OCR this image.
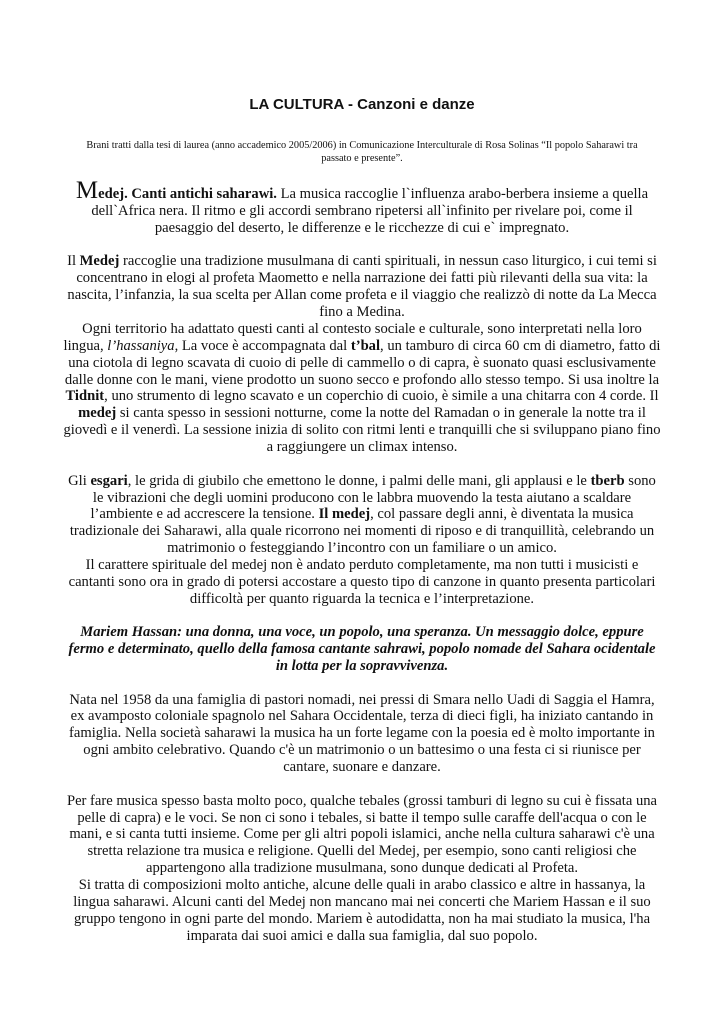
LA CULTURA - Canzoni e danze

Brani tratti dalla tesi di laurea (anno accademico 2005/2006) in Comunicazione Interculturale di Rosa Solinas “Il popolo Saharawi tra passato e presente”.

Medej. Canti antichi saharawi. La musica raccoglie l`influenza arabo-berbera insieme a quella dell`Africa nera. Il ritmo e gli accordi sembrano ripetersi all`infinito per rivelare poi, come il paesaggio del deserto, le differenze e le ricchezze di cui e` impregnato.

Il Medej raccoglie una tradizione musulmana di canti spirituali, in nessun caso liturgico, i cui temi si concentrano in elogi al profeta Maometto e nella narrazione dei fatti più rilevanti della sua vita: la nascita, l’infanzia, la sua scelta per Allan come profeta e il viaggio che realizzò di notte da La Mecca fino a Medina.

Ogni territorio ha adattato questi canti al contesto sociale e culturale, sono interpretati nella loro lingua, l’hassaniya, La voce è accompagnata dal t’bal, un tamburo di circa 60 cm di diametro, fatto di una ciotola di legno scavata di cuoio di pelle di cammello o di capra, è suonato quasi esclusivamente dalle donne con le mani, viene prodotto un suono secco e profondo allo stesso tempo. Si usa inoltre la Tidnit, uno strumento di legno scavato e un coperchio di cuoio, è simile a una chitarra con 4 corde. Il medej si canta spesso in sessioni notturne, come la notte del Ramadan o in generale la notte tra il giovedì e il venerdì. La sessione inizia di solito con ritmi lenti e tranquilli che si sviluppano piano fino a raggiungere un climax intenso.

Gli esgari, le grida di giubilo che emettono le donne, i palmi delle mani, gli applausi e le tberb sono le vibrazioni che degli uomini producono con le labbra muovendo la testa aiutano a scaldare l’ambiente e ad accrescere la tensione. Il medej, col passare degli anni, è diventata la musica tradizionale dei Saharawi, alla quale ricorrono nei momenti di riposo e di tranquillità, celebrando un matrimonio o festeggiando l’incontro con un familiare o un amico.

Il carattere spirituale del medej non è andato perduto completamente, ma non tutti i musicisti e cantanti sono ora in grado di potersi accostare a questo tipo di canzone in quanto presenta particolari difficoltà per quanto riguarda la tecnica e l’interpretazione.

Mariem Hassan: una donna, una voce, un popolo, una speranza. Un messaggio dolce, eppure fermo e determinato, quello della famosa cantante sahrawi, popolo nomade del Sahara ocidentale in lotta per la sopravvivenza.

Nata nel 1958 da una famiglia di pastori nomadi, nei pressi di Smara nello Uadi di Saggia el Hamra, ex avamposto coloniale spagnolo nel Sahara Occidentale, terza di dieci figli, ha iniziato cantando in famiglia. Nella società saharawi la musica ha un forte legame con la poesia ed è molto importante in ogni ambito celebrativo. Quando c'è un matrimonio o un battesimo o una festa ci si riunisce per cantare, suonare e danzare.

Per fare musica spesso basta molto poco, qualche tebales (grossi tamburi di legno su cui è fissata una pelle di capra) e le voci. Se non ci sono i tebales, si batte il tempo sulle caraffe dell'acqua o con le mani, e si canta tutti insieme. Come per gli altri popoli islamici, anche nella cultura saharawi c'è una stretta relazione tra musica e religione. Quelli del Medej, per esempio, sono canti religiosi che appartengono alla tradizione musulmana, sono dunque dedicati al Profeta.

Si tratta di composizioni molto antiche, alcune delle quali in arabo classico e altre in hassanya, la lingua saharawi. Alcuni canti del Medej non mancano mai nei concerti che Mariem Hassan e il suo gruppo tengono in ogni parte del mondo. Mariem è autodidatta, non ha mai studiato la musica, l'ha imparata dai suoi amici e dalla sua famiglia, dal suo popolo.
